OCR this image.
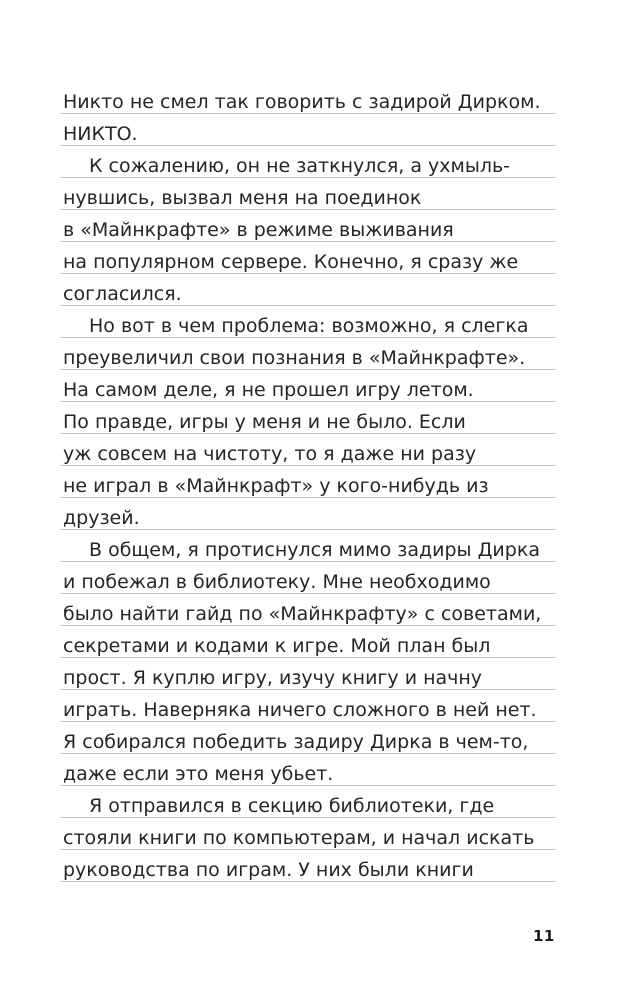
Никто не смел так говорить с задирой Дирком.
НИКТО.
К сожалению, он не заткнулся, а ухмыль-
нувшись, вызвал меня на поединок
в «Майнкрафте» в режиме выживания
на популярном сервере. Конечно, я сразу же
согласился.
Но вот в чем проблема: возможно, я слегка
преувеличил свои познания в «Майнкрафте».
На самом деле, я не прошел игру летом.
По правде, игры у меня и не было. Если
уж совсем на чистоту, то я даже ни разу
не играл в «Майнкрафт» у кого-нибудь из
друзей.
В общем, я протиснулся мимо задиры Дирка
и побежал в библиотеку. Мне необходимо
было найти гайд по «Майнкрафту» с советами,
секретами и кодами к игре. Мой план был
прост. Я куплю игру, изучу книгу и начну
играть. Наверняка ничего сложного в ней нет.
Я собирался победить задиру Дирка в чем-то,
даже если это меня убьет.
Я отправился в секцию библиотеки, где
стояли книги по компьютерам, и начал искать
руководства по играм. У них были книги
11
